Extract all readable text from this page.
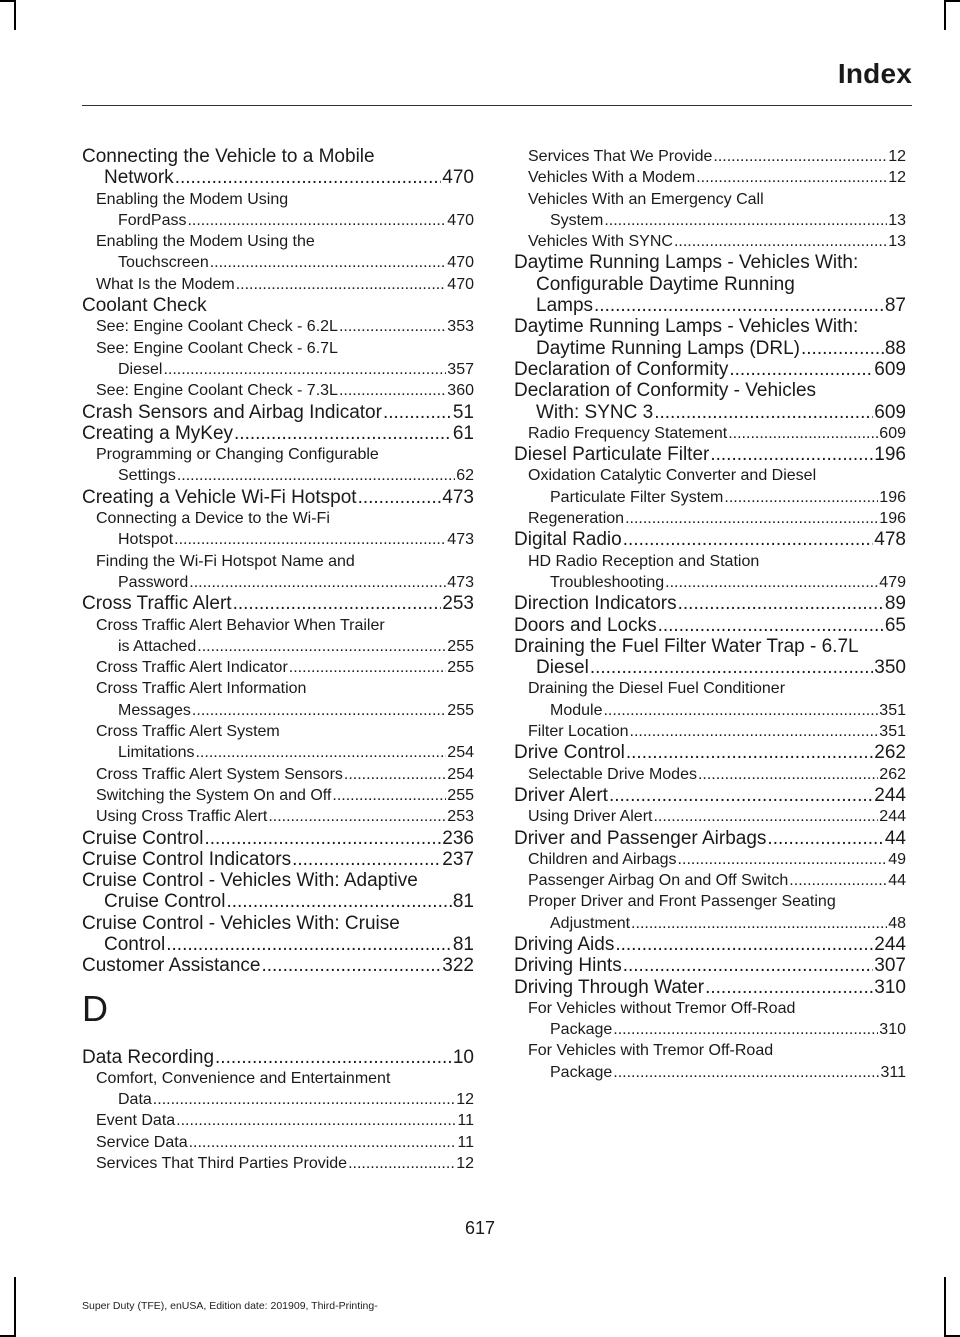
Index
Connecting the Vehicle to a Mobile
Network .....	470
Enabling the Modem Using
FordPass .....	470
Enabling the Modem Using the
Touchscreen .....	470
What Is the Modem .....	470
Coolant Check
See: Engine Coolant Check - 6.2L .....	353
See: Engine Coolant Check - 6.7L
Diesel .....	357
See: Engine Coolant Check - 7.3L .....	360
Crash Sensors and Airbag Indicator .....	51
Creating a MyKey .....	61
Programming or Changing Configurable
Settings .....	62
Creating a Vehicle Wi-Fi Hotspot .....	473
Connecting a Device to the Wi-Fi
Hotspot .....	473
Finding the Wi-Fi Hotspot Name and
Password .....	473
Cross Traffic Alert .....	253
Cross Traffic Alert Behavior When Trailer
is Attached .....	255
Cross Traffic Alert Indicator .....	255
Cross Traffic Alert Information
Messages .....	255
Cross Traffic Alert System
Limitations .....	254
Cross Traffic Alert System Sensors .....	254
Switching the System On and Off .....	255
Using Cross Traffic Alert .....	253
Cruise Control .....	236
Cruise Control Indicators .....	237
Cruise Control - Vehicles With: Adaptive
Cruise Control .....	81
Cruise Control - Vehicles With: Cruise
Control .....	81
Customer Assistance .....	322
D
Data Recording .....	10
Comfort, Convenience and Entertainment
Data .....	12
Event Data .....	11
Service Data .....	11
Services That Third Parties Provide .....	12
Services That We Provide .....	12
Vehicles With a Modem .....	12
Vehicles With an Emergency Call
System .....	13
Vehicles With SYNC .....	13
Daytime Running Lamps - Vehicles With:
Configurable Daytime Running
Lamps .....	87
Daytime Running Lamps - Vehicles With:
Daytime Running Lamps (DRL) .....	88
Declaration of Conformity .....	609
Declaration of Conformity - Vehicles
With: SYNC 3 .....	609
Radio Frequency Statement .....	609
Diesel Particulate Filter .....	196
Oxidation Catalytic Converter and Diesel
Particulate Filter System .....	196
Regeneration .....	196
Digital Radio .....	478
HD Radio Reception and Station
Troubleshooting .....	479
Direction Indicators .....	89
Doors and Locks .....	65
Draining the Fuel Filter Water Trap - 6.7L
Diesel .....	350
Draining the Diesel Fuel Conditioner
Module .....	351
Filter Location .....	351
Drive Control .....	262
Selectable Drive Modes .....	262
Driver Alert .....	244
Using Driver Alert .....	244
Driver and Passenger Airbags .....	44
Children and Airbags .....	49
Passenger Airbag On and Off Switch .....	44
Proper Driver and Front Passenger Seating
Adjustment .....	48
Driving Aids .....	244
Driving Hints .....	307
Driving Through Water .....	310
For Vehicles without Tremor Off-Road
Package .....	310
For Vehicles with Tremor Off-Road
Package .....	311
617
Super Duty (TFE), enUSA, Edition date: 201909, Third-Printing-
